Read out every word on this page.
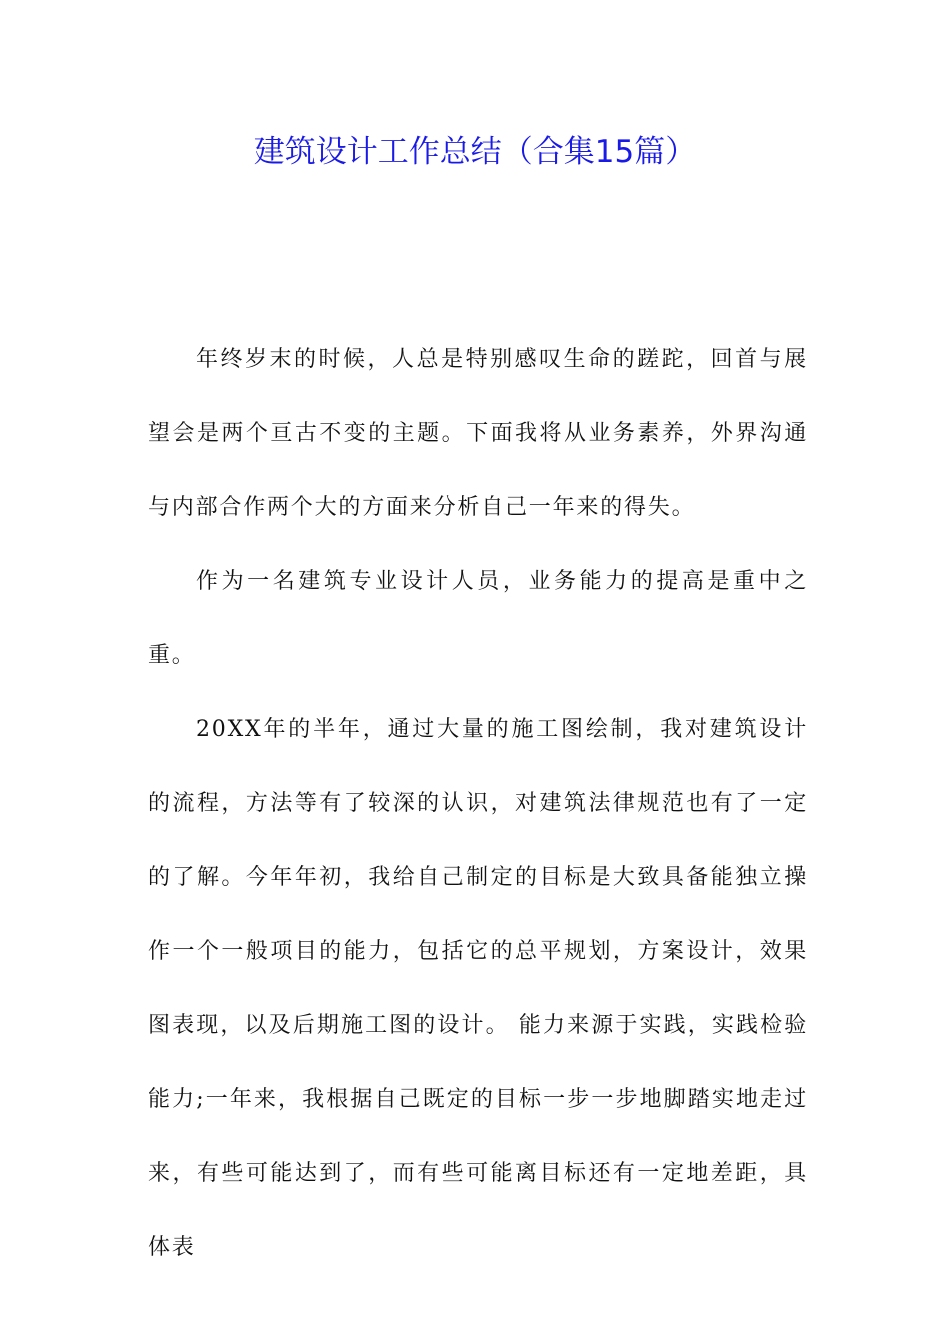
建筑设计工作总结（合集15篇）

年终岁末的时候，人总是特别感叹生命的蹉跎，回首与展望会是两个亘古不变的主题。下面我将从业务素养，外界沟通与内部合作两个大的方面来分析自己一年来的得失。

作为一名建筑专业设计人员，业务能力的提高是重中之重。

20XX年的半年，通过大量的施工图绘制，我对建筑设计的流程，方法等有了较深的认识，对建筑法律规范也有了一定的了解。今年年初，我给自己制定的目标是大致具备能独立操作一个一般项目的能力，包括它的总平规划，方案设计，效果图表现，以及后期施工图的设计。 能力来源于实践，实践检验能力;一年来，我根据自己既定的目标一步一步地脚踏实地走过来，有些可能达到了，而有些可能离目标还有一定地差距，具体表
